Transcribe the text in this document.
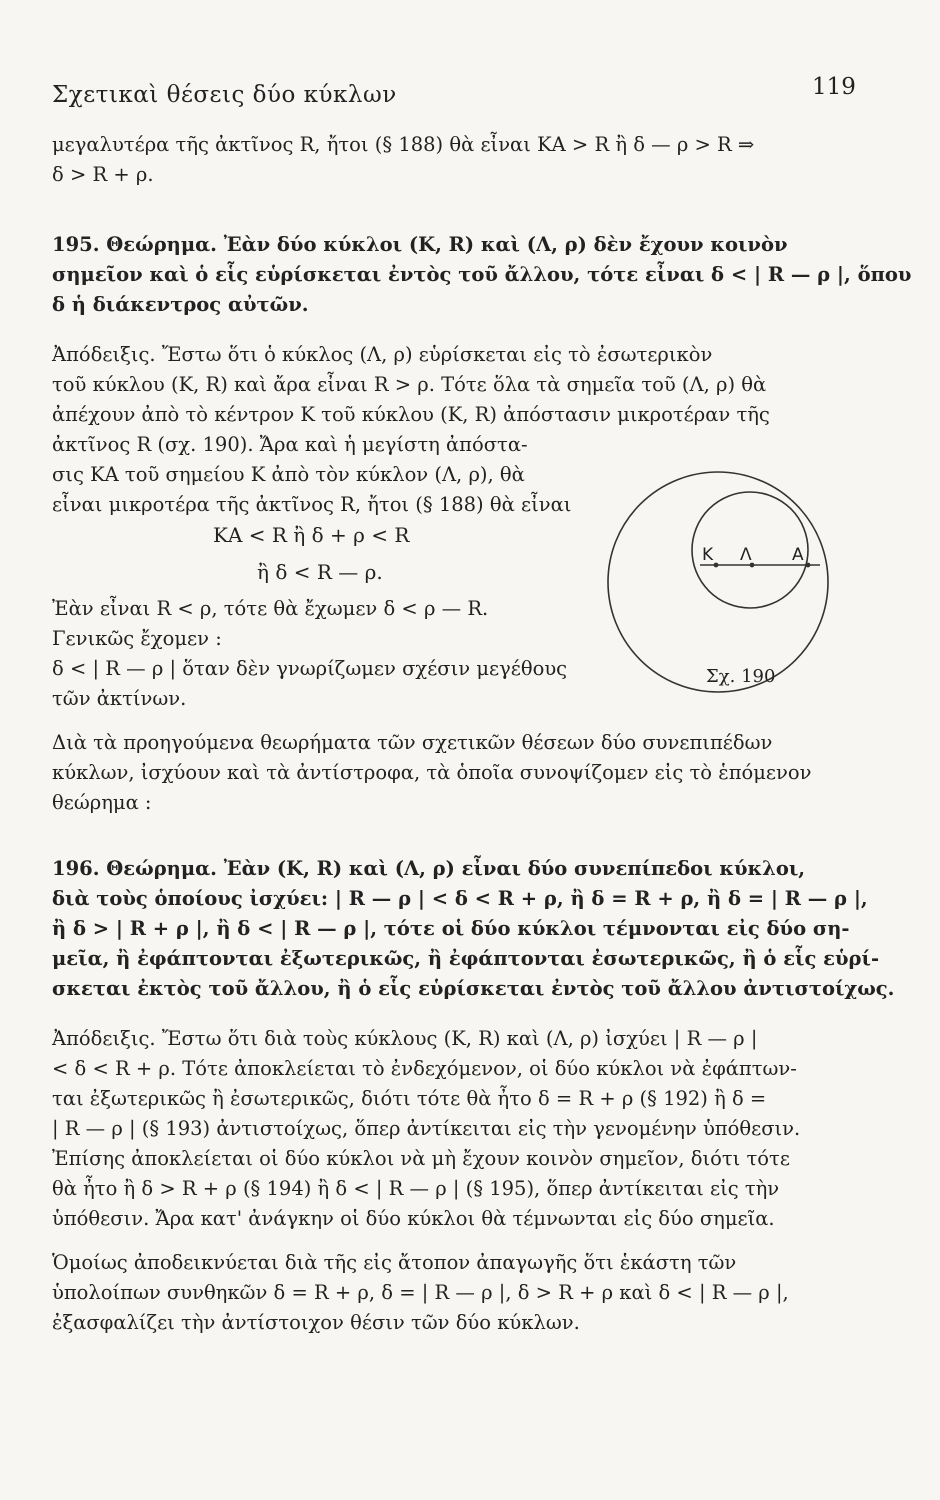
Σχετικαὶ θέσεις δύο κύκλων	119
μεγαλυτέρα τῆς ἀκτῖνος R, ἤτοι (§ 188) θὰ εἶναι ΚΑ > R ἢ δ — ρ > R ⇒
δ > R + ρ.
195. Θεώρημα. Ἐὰν δύο κύκλοι (Κ, R) καὶ (Λ, ρ) δὲν ἔχουν κοινὸν
σημεῖον καὶ ὁ εἷς εὑρίσκεται ἐντὸς τοῦ ἄλλου, τότε εἶναι δ < | R — ρ |, ὅπου
δ ἡ διάκεντρος αὐτῶν.
Ἀπόδειξις. Ἔστω ὅτι ὁ κύκλος (Λ, ρ) εὑρίσκεται εἰς τὸ ἐσωτερικὸν
τοῦ κύκλου (Κ, R) καὶ ἄρα εἶναι R > ρ. Τότε ὅλα τὰ σημεῖα τοῦ (Λ, ρ) θὰ
ἀπέχουν ἀπὸ τὸ κέντρον Κ τοῦ κύκλου (Κ, R) ἀπόστασιν μικροτέραν τῆς
ἀκτῖνος R (σχ. 190). Ἄρα καὶ ἡ μεγίστη ἀπόστα-
σις ΚΑ τοῦ σημείου Κ ἀπὸ τὸν κύκλον (Λ, ρ), θὰ
εἶναι μικροτέρα τῆς ἀκτῖνος R, ἤτοι (§ 188) θὰ εἶναι
ΚΑ < R ἢ δ + ρ < R
ἢ δ < R — ρ.
Ἐὰν εἶναι R < ρ, τότε θὰ ἔχωμεν δ < ρ — R.
Γενικῶς ἔχομεν :
δ < | R — ρ | ὅταν δὲν γνωρίζωμεν σχέσιν μεγέθους
τῶν ἀκτίνων.
Κ Λ Α
Σχ. 190
Διὰ τὰ προηγούμενα θεωρήματα τῶν σχετικῶν θέσεων δύο συνεπιπέδων
κύκλων, ἰσχύουν καὶ τὰ ἀντίστροφα, τὰ ὁποῖα συνοψίζομεν εἰς τὸ ἑπόμενον
θεώρημα :
196. Θεώρημα. Ἐὰν (Κ, R) καὶ (Λ, ρ) εἶναι δύο συνεπίπεδοι κύκλοι,
διὰ τοὺς ὁποίους ἰσχύει: | R — ρ | < δ < R + ρ, ἢ δ = R + ρ, ἢ δ = | R — ρ |,
ἢ δ > | R + ρ |, ἢ δ < | R — ρ |, τότε οἱ δύο κύκλοι τέμνονται εἰς δύο ση-
μεῖα, ἢ ἐφάπτονται ἐξωτερικῶς, ἢ ἐφάπτονται ἐσωτερικῶς, ἢ ὁ εἷς εὑρί-
σκεται ἐκτὸς τοῦ ἄλλου, ἢ ὁ εἷς εὑρίσκεται ἐντὸς τοῦ ἄλλου ἀντιστοίχως.
Ἀπόδειξις. Ἔστω ὅτι διὰ τοὺς κύκλους (Κ, R) καὶ (Λ, ρ) ἰσχύει | R — ρ |
< δ < R + ρ. Τότε ἀποκλείεται τὸ ἐνδεχόμενον, οἱ δύο κύκλοι νὰ ἐφάπτων-
ται ἐξωτερικῶς ἢ ἐσωτερικῶς, διότι τότε θὰ ἦτο δ = R + ρ (§ 192) ἢ δ =
| R — ρ | (§ 193) ἀντιστοίχως, ὅπερ ἀντίκειται εἰς τὴν γενομένην ὑπόθεσιν.
Ἐπίσης ἀποκλείεται οἱ δύο κύκλοι νὰ μὴ ἔχουν κοινὸν σημεῖον, διότι τότε
θὰ ἦτο ἢ δ > R + ρ (§ 194) ἢ δ < | R — ρ | (§ 195), ὅπερ ἀντίκειται εἰς τὴν
ὑπόθεσιν. Ἄρα κατ' ἀνάγκην οἱ δύο κύκλοι θὰ τέμνωνται εἰς δύο σημεῖα.
Ὁμοίως ἀποδεικνύεται διὰ τῆς εἰς ἄτοπον ἀπαγωγῆς ὅτι ἑκάστη τῶν
ὑπολοίπων συνθηκῶν δ = R + ρ, δ = | R — ρ |, δ > R + ρ καὶ δ < | R — ρ |,
ἐξασφαλίζει τὴν ἀντίστοιχον θέσιν τῶν δύο κύκλων.
